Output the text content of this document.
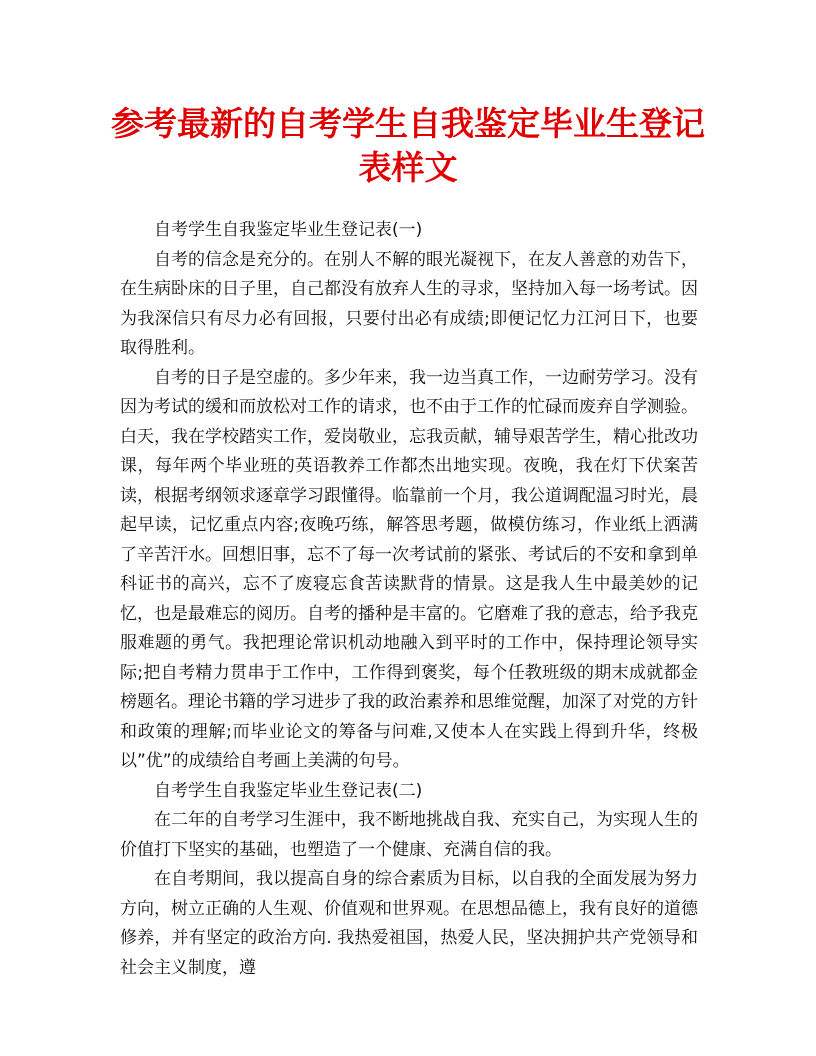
参考最新的自考学生自我鉴定毕业生登记表样文

自考学生自我鉴定毕业生登记表(一)

自考的信念是充分的。在别人不解的眼光凝视下，在友人善意的劝告下，在生病卧床的日子里，自己都没有放弃人生的寻求，坚持加入每一场考试。因为我深信只有尽力必有回报，只要付出必有成绩;即便记忆力江河日下，也要取得胜利。

自考的日子是空虚的。多少年来，我一边当真工作，一边耐劳学习。没有因为考试的缓和而放松对工作的请求，也不由于工作的忙碌而废弃自学测验。白天，我在学校踏实工作，爱岗敬业，忘我贡献，辅导艰苦学生，精心批改功课，每年两个毕业班的英语教养工作都杰出地实现。夜晚，我在灯下伏案苦读，根据考纲领求逐章学习跟懂得。临靠前一个月，我公道调配温习时光，晨起早读，记忆重点内容;夜晚巧练，解答思考题，做模仿练习，作业纸上洒满了辛苦汗水。回想旧事，忘不了每一次考试前的紧张、考试后的不安和拿到单科证书的高兴，忘不了废寝忘食苦读默背的情景。这是我人生中最美妙的记忆，也是最难忘的阅历。自考的播种是丰富的。它磨难了我的意志，给予我克服难题的勇气。我把理论常识机动地融入到平时的工作中，保持理论领导实际;把自考精力贯串于工作中，工作得到褒奖，每个任教班级的期末成就都金榜题名。理论书籍的学习进步了我的政治素养和思维觉醒，加深了对党的方针和政策的理解;而毕业论文的筹备与问难,又使本人在实践上得到升华，终极以”优”的成绩给自考画上美满的句号。

自考学生自我鉴定毕业生登记表(二)

在二年的自考学习生涯中，我不断地挑战自我、充实自己，为实现人生的价值打下坚实的基础，也塑造了一个健康、充满自信的我。

在自考期间，我以提高自身的综合素质为目标，以自我的全面发展为努力方向，树立正确的人生观、价值观和世界观。在思想品德上，我有良好的道德修养，并有坚定的政治方向. 我热爱祖国，热爱人民，坚决拥护共产党领导和社会主义制度，遵
